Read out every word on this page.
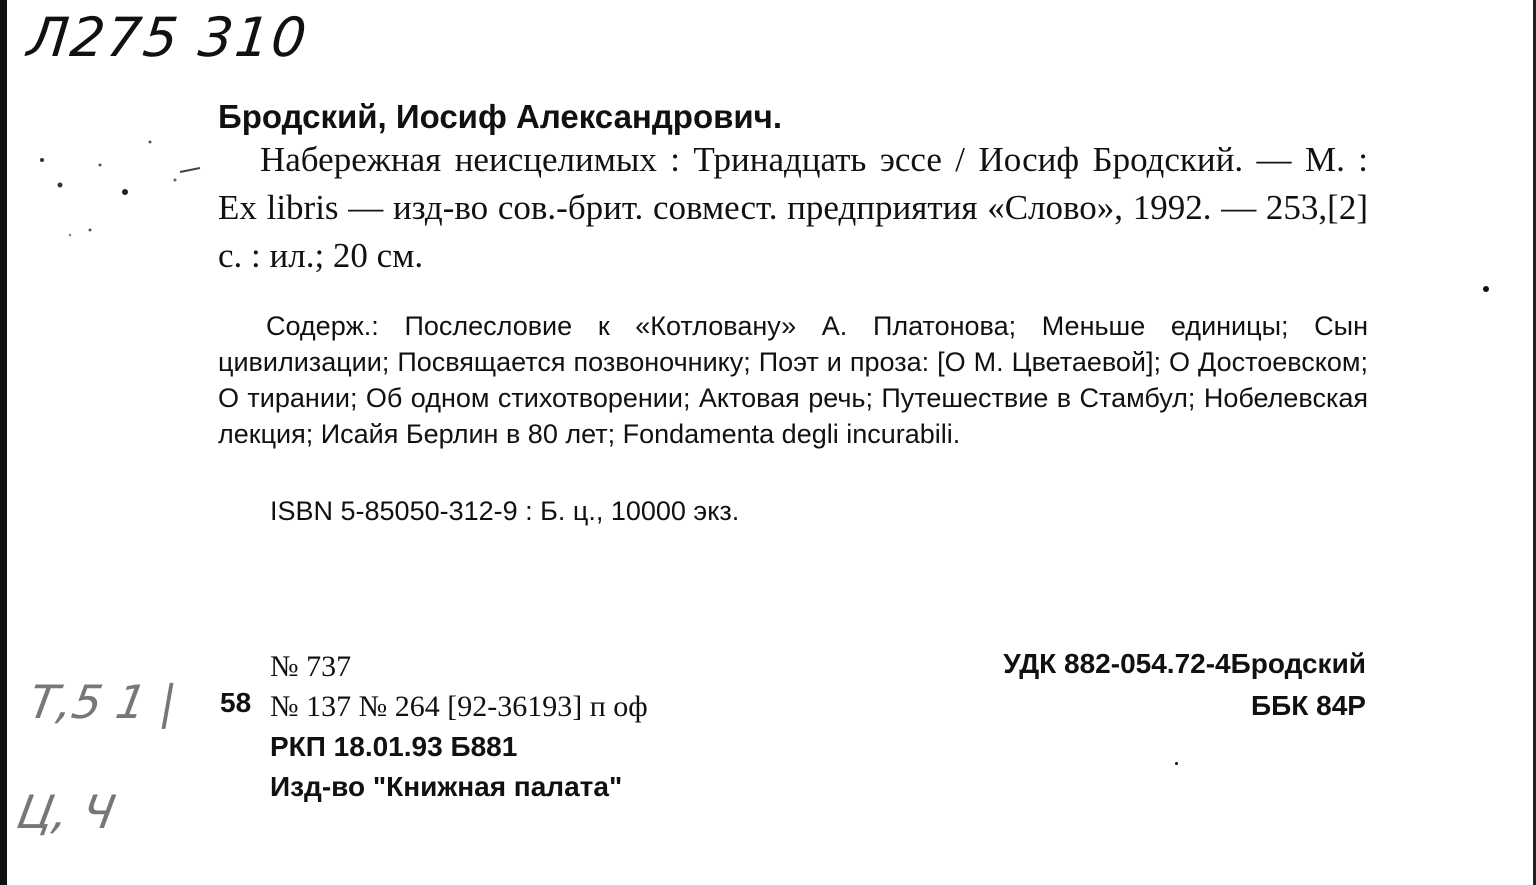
Л275 310
Бродский, Иосиф Александрович.
Набережная неисцелимых : Тринадцать эссе / Иосиф Бродский. — М. : Ex libris — изд-во сов.-брит. совмест. предприятия «Слово», 1992. — 253,[2] с. : ил.; 20 см.
Содерж.: Послесловие к «Котловану» А. Платонова; Меньше единицы; Сын цивилизации; Посвящается позвоночнику; Поэт и проза: [О М. Цветаевой]; О Достоевском; О тирании; Об одном стихотворении; Актовая речь; Путешествие в Стамбул; Нобелевская лекция; Исайя Берлин в 80 лет; Fondamenta degli incurabili.
ISBN 5-85050-312-9 : Б. ц., 10000 экз.
58
№ 737
№ 137 № 264 [92-36193] п оф
РКП 18.01.93 Б881
Изд-во "Книжная палата"
УДК 882-054.72-4Бродский
ББК 84Р
Т,5 1 |
Ц, Ч
